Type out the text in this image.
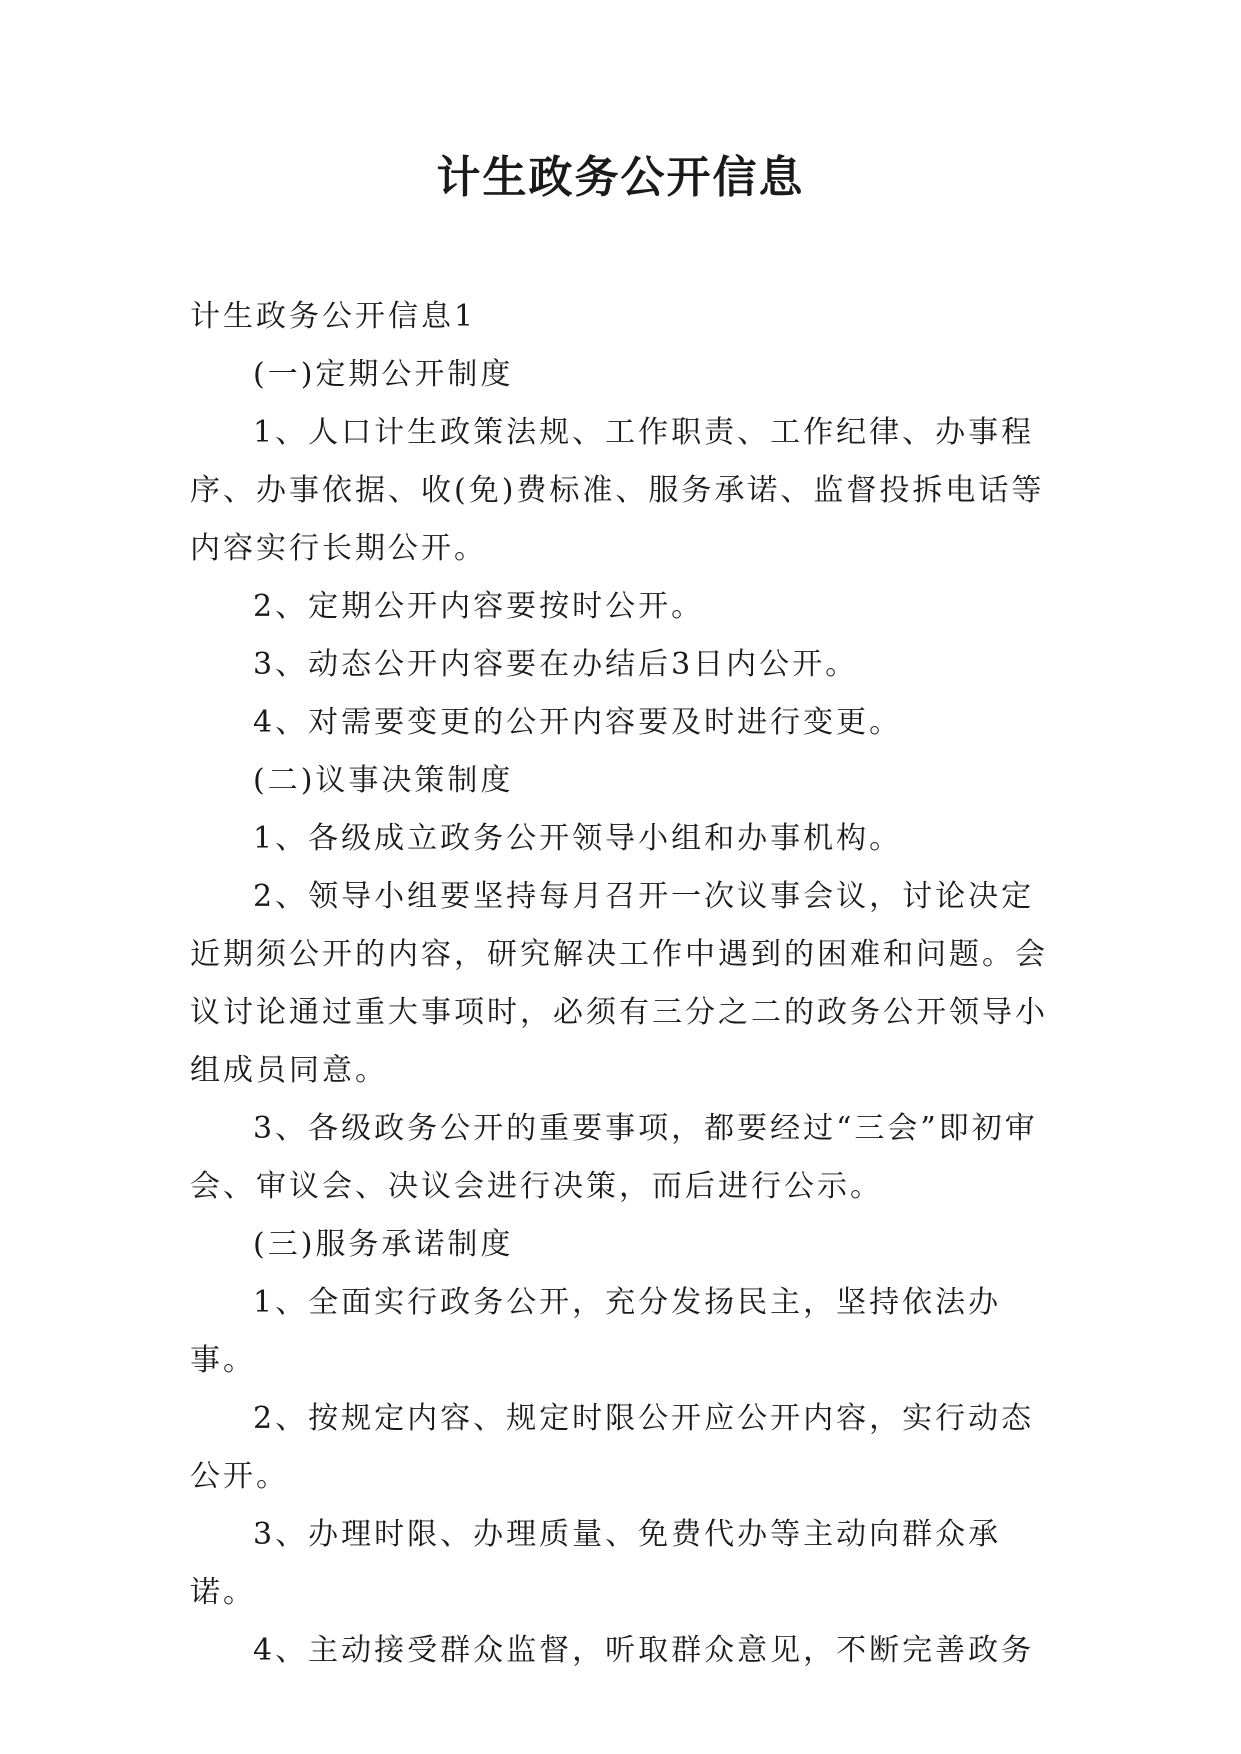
计生政务公开信息

计生政务公开信息1

(一)定期公开制度

1、人口计生政策法规、工作职责、工作纪律、办事程序、办事依据、收(免)费标准、服务承诺、监督投拆电话等内容实行长期公开。

2、定期公开内容要按时公开。

3、动态公开内容要在办结后3日内公开。

4、对需要变更的公开内容要及时进行变更。

(二)议事决策制度

1、各级成立政务公开领导小组和办事机构。

2、领导小组要坚持每月召开一次议事会议，讨论决定近期须公开的内容，研究解决工作中遇到的困难和问题。会议讨论通过重大事项时，必须有三分之二的政务公开领导小组成员同意。

3、各级政务公开的重要事项，都要经过“三会”即初审会、审议会、决议会进行决策，而后进行公示。

(三)服务承诺制度

1、全面实行政务公开，充分发扬民主，坚持依法办事。

2、按规定内容、规定时限公开应公开内容，实行动态公开。

3、办理时限、办理质量、免费代办等主动向群众承诺。

4、主动接受群众监督，听取群众意见，不断完善政务
